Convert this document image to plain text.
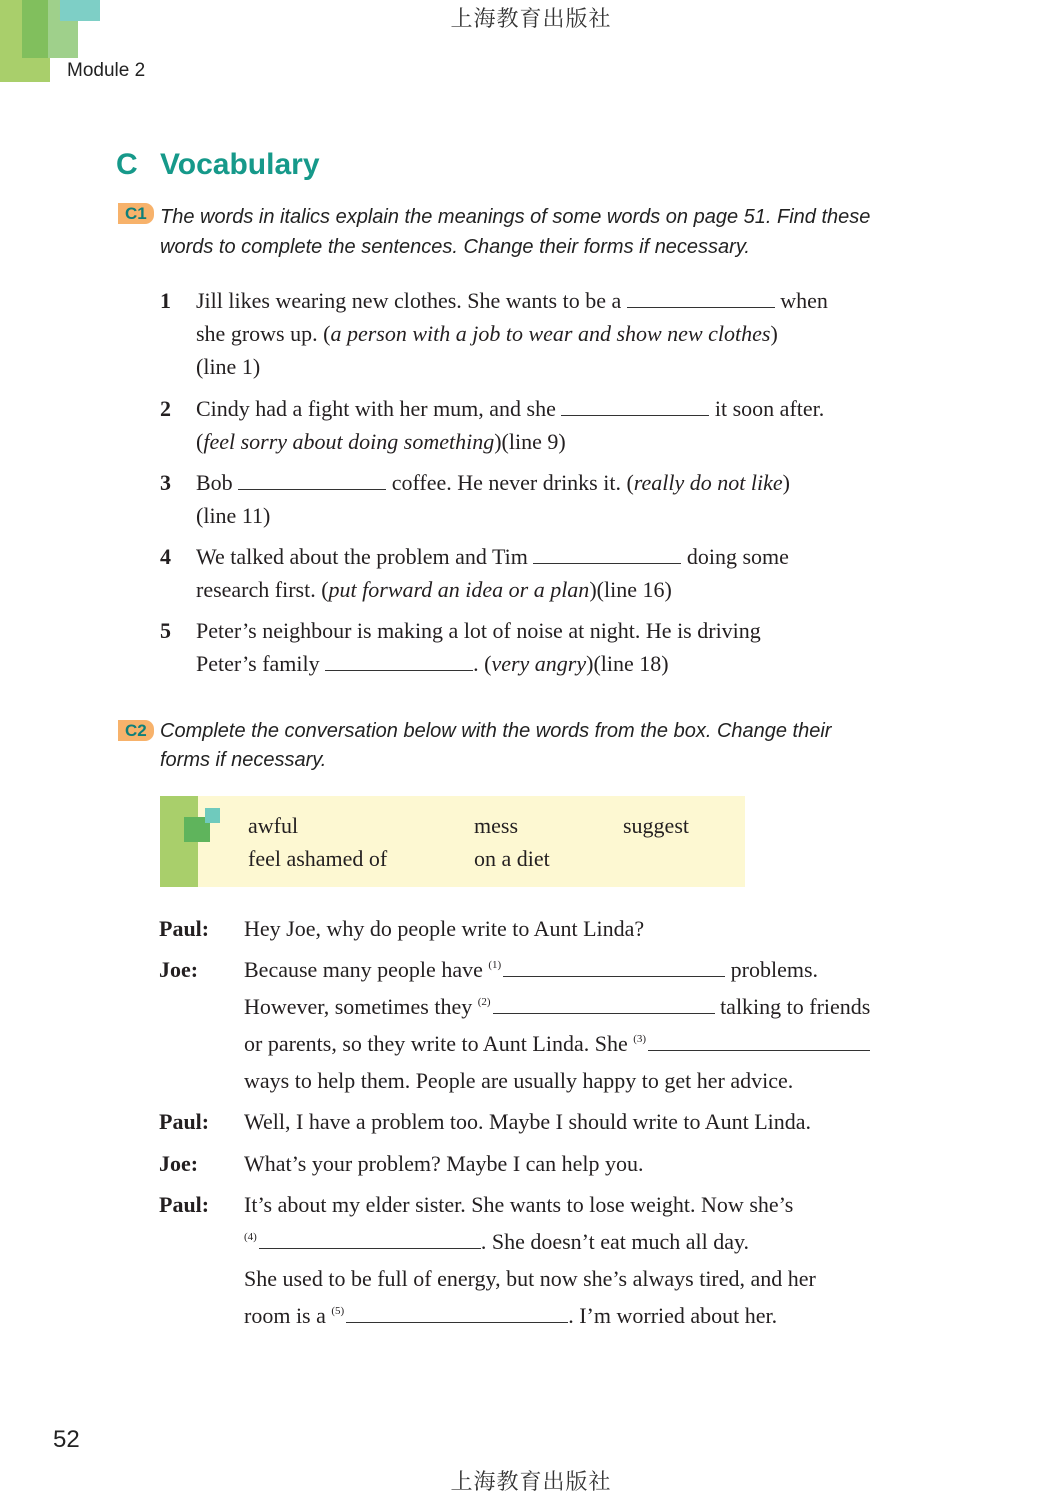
上海教育出版社
Module 2
C Vocabulary
C1 The words in italics explain the meanings of some words on page 51. Find these
words to complete the sentences. Change their forms if necessary.
1 Jill likes wearing new clothes. She wants to be a	when
she grows up. (a person with a job to wear and show new clothes)
(line 1)
2 Cindy had a fight with her mum, and she	it soon after.
(feel sorry about doing something)(line 9)
3 Bob	coffee. He never drinks it. (really do not like)
(line 11)
4 We talked about the problem and Tim	doing some
research first. (put forward an idea or a plan)(line 16)
5 Peter’s neighbour is making a lot of noise at night. He is driving
Peter’s family	. (very angry)(line 18)
C2 Complete the conversation below with the words from the box. Change their
forms if necessary.
awful	mess	suggest
feel ashamed of	on a diet
Paul: Hey Joe, why do people write to Aunt Linda?
Joe: Because many people have $^{(1)}$	problems.
However, sometimes they $^{(2)}$	talking to friends
or parents, so they write to Aunt Linda. She $^{(3)}$
ways to help them. People are usually happy to get her advice.
Paul: Well, I have a problem too. Maybe I should write to Aunt Linda.
Joe: What’s your problem? Maybe I can help you.
Paul: It’s about my elder sister. She wants to lose weight. Now she’s
$^{(4)}$	. She doesn’t eat much all day.
She used to be full of energy, but now she’s always tired, and her
room is a $^{(5)}$	. I’m worried about her.
52
上海教育出版社
